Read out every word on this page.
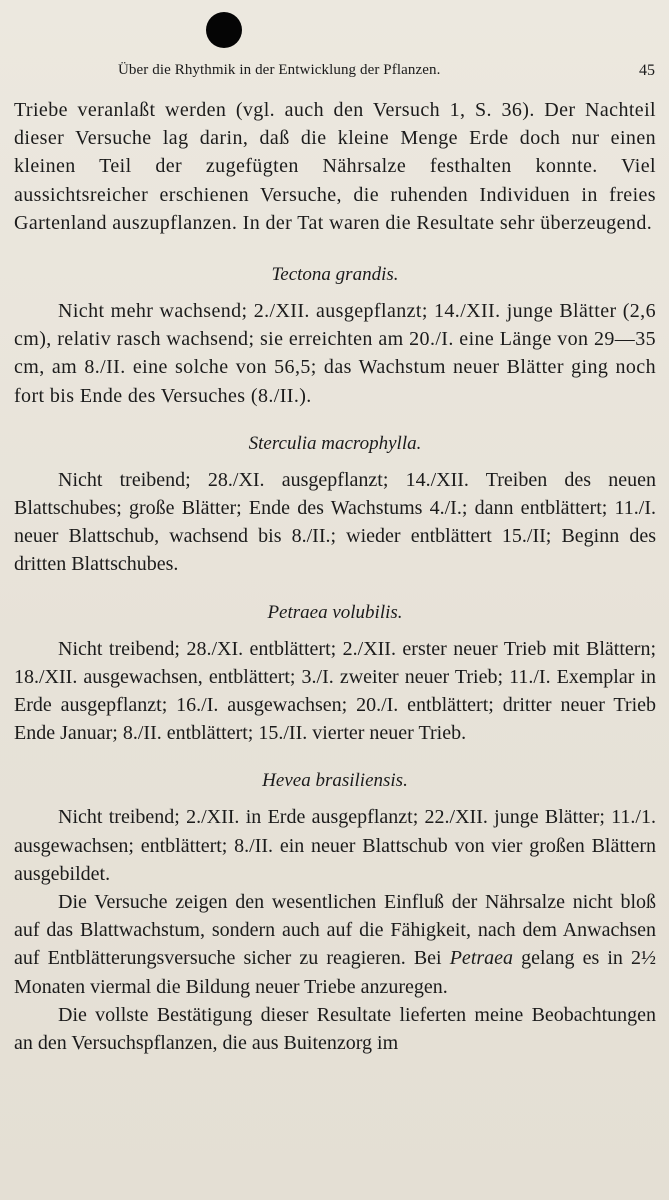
Über die Rhythmik in der Entwicklung der Pflanzen.	45

Triebe veranlaßt werden (vgl. auch den Versuch 1, S. 36). Der Nachteil dieser Versuche lag darin, daß die kleine Menge Erde doch nur einen kleinen Teil der zugefügten Nährsalze festhalten konnte. Viel aussichtsreicher erschienen Versuche, die ruhenden Individuen in freies Gartenland auszupflanzen. In der Tat waren die Resultate sehr überzeugend.

Tectona grandis.

Nicht mehr wachsend; 2./XII. ausgepflanzt; 14./XII. junge Blätter (2,6 cm), relativ rasch wachsend; sie erreichten am 20./I. eine Länge von 29—35 cm, am 8./II. eine solche von 56,5; das Wachstum neuer Blätter ging noch fort bis Ende des Versuches (8./II.).

Sterculia macrophylla.

Nicht treibend; 28./XI. ausgepflanzt; 14./XII. Treiben des neuen Blattschubes; große Blätter; Ende des Wachstums 4./I.; dann entblättert; 11./I. neuer Blattschub, wachsend bis 8./II.; wieder entblättert 15./II; Beginn des dritten Blattschubes.

Petraea volubilis.

Nicht treibend; 28./XI. entblättert; 2./XII. erster neuer Trieb mit Blättern; 18./XII. ausgewachsen, entblättert; 3./I. zweiter neuer Trieb; 11./I. Exemplar in Erde ausgepflanzt; 16./I. ausgewachsen; 20./I. entblättert; dritter neuer Trieb Ende Januar; 8./II. entblättert; 15./II. vierter neuer Trieb.

Hevea brasiliensis.

Nicht treibend; 2./XII. in Erde ausgepflanzt; 22./XII. junge Blätter; 11./1. ausgewachsen; entblättert; 8./II. ein neuer Blattschub von vier großen Blättern ausgebildet.

Die Versuche zeigen den wesentlichen Einfluß der Nährsalze nicht bloß auf das Blattwachstum, sondern auch auf die Fähigkeit, nach dem Anwachsen auf Entblätterungsversuche sicher zu reagieren. Bei Petraea gelang es in 2½ Monaten viermal die Bildung neuer Triebe anzuregen.

Die vollste Bestätigung dieser Resultate lieferten meine Beobachtungen an den Versuchspflanzen, die aus Buitenzorg im
